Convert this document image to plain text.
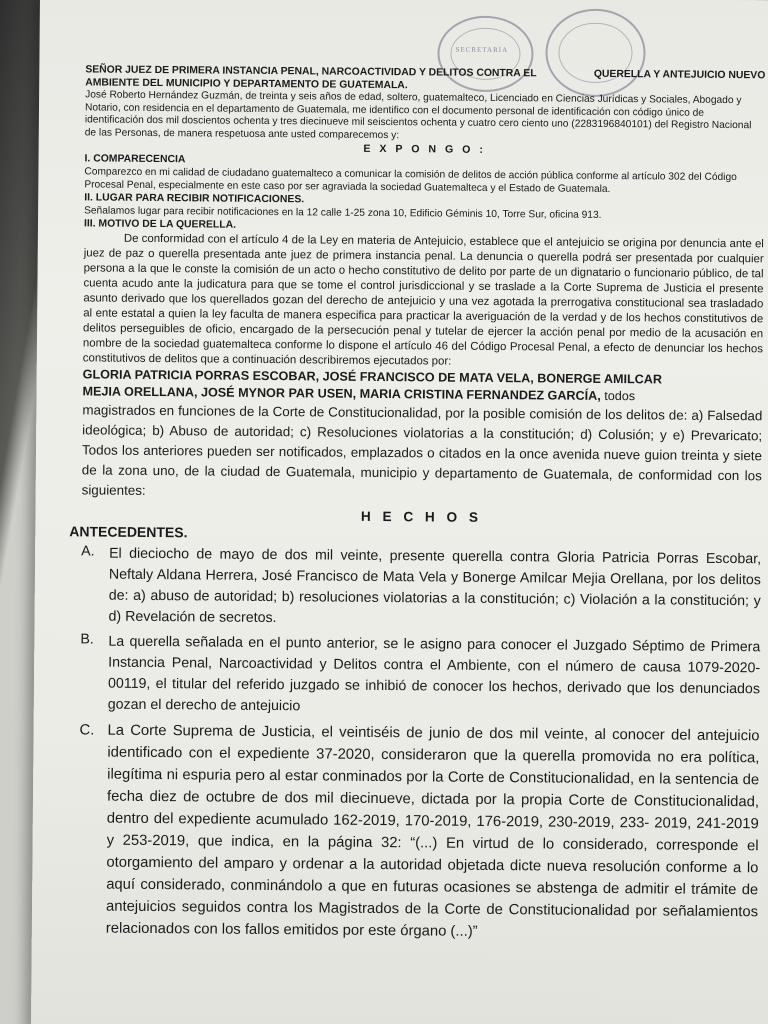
SECRETARIA

SEÑOR JUEZ DE PRIMERA INSTANCIA PENAL, NARCOACTIVIDAD Y DELITOS CONTRA EL	QUERELLA Y ANTEJUICIO NUEVO

AMBIENTE DEL MUNICIPIO Y DEPARTAMENTO DE GUATEMALA.

José Roberto Hernández Guzmán, de treinta y seis años de edad, soltero, guatemalteco, Licenciado en Ciencias Jurídicas y Sociales, Abogado y Notario, con residencia en el departamento de Guatemala, me identifico con el documento personal de identificación con código único de identificación dos mil doscientos ochenta y tres diecinueve mil seiscientos ochenta y cuatro cero ciento uno (2283196840101) del Registro Nacional de las Personas, de manera respetuosa ante usted comparecemos y:

E X P O N G O :

I. COMPARECENCIA

Comparezco en mi calidad de ciudadano guatemalteco a comunicar la comisión de delitos de acción pública conforme al artículo 302 del Código Procesal Penal, especialmente en este caso por ser agraviada la sociedad Guatemalteca y el Estado de Guatemala.

II. LUGAR PARA RECIBIR NOTIFICACIONES.

Señalamos lugar para recibir notificaciones en la 12 calle 1-25 zona 10, Edificio Géminis 10, Torre Sur, oficina 913.

III. MOTIVO DE LA QUERELLA.

De conformidad con el artículo 4 de la Ley en materia de Antejuicio, establece que el antejuicio se origina por denuncia ante el juez de paz o querella presentada ante juez de primera instancia penal. La denuncia o querella podrá ser presentada por cualquier persona a la que le conste la comisión de un acto o hecho constitutivo de delito por parte de un dignatario o funcionario público, de tal cuenta acudo ante la judicatura para que se tome el control jurisdiccional y se traslade a la Corte Suprema de Justicia el presente asunto derivado que los querellados gozan del derecho de antejuicio y una vez agotada la prerrogativa constitucional sea trasladado al ente estatal a quien la ley faculta de manera especifica para practicar la averiguación de la verdad y de los hechos constitutivos de delitos perseguibles de oficio, encargado de la persecución penal y tutelar de ejercer la acción penal por medio de la acusación en nombre de la sociedad guatemalteca conforme lo dispone el artículo 46 del Código Procesal Penal, a efecto de denunciar los hechos constitutivos de delitos que a continuación describiremos ejecutados por:

GLORIA PATRICIA PORRAS ESCOBAR, JOSÉ FRANCISCO DE MATA VELA, BONERGE AMILCAR

MEJIA ORELLANA, JOSÉ MYNOR PAR USEN, MARIA CRISTINA FERNANDEZ GARCÍA, todos

magistrados en funciones de la Corte de Constitucionalidad, por la posible comisión de los delitos de: a) Falsedad ideológica; b) Abuso de autoridad; c) Resoluciones violatorias a la constitución; d) Colusión; y e) Prevaricato; Todos los anteriores pueden ser notificados, emplazados o citados en la once avenida nueve guion treinta y siete de la zona uno, de la ciudad de Guatemala, municipio y departamento de Guatemala, de conformidad con los siguientes:

H E C H O S

ANTECEDENTES.

A.	El dieciocho de mayo de dos mil veinte, presente querella contra Gloria Patricia Porras Escobar, Neftaly Aldana Herrera, José Francisco de Mata Vela y Bonerge Amilcar Mejia Orellana, por los delitos de: a) abuso de autoridad; b) resoluciones violatorias a la constitución; c) Violación a la constitución; y d) Revelación de secretos.
B.	La querella señalada en el punto anterior, se le asigno para conocer el Juzgado Séptimo de Primera Instancia Penal, Narcoactividad y Delitos contra el Ambiente, con el número de causa 1079-2020-00119, el titular del referido juzgado se inhibió de conocer los hechos, derivado que los denunciados gozan el derecho de antejuicio
C. La Corte Suprema de Justicia, el veintiséis de junio de dos mil veinte, al conocer del antejuicio identificado con el expediente 37-2020, consideraron que la querella promovida no era política, ilegítima ni espuria pero al estar conminados por la Corte de Constitucionalidad, en la sentencia de fecha diez de octubre de dos mil diecinueve, dictada por la propia Corte de Constitucionalidad, dentro del expediente acumulado 162-2019, 170-2019, 176-2019, 230-2019, 233- 2019, 241-2019 y 253-2019, que indica, en la página 32: “(...) En virtud de lo considerado, corresponde el otorgamiento del amparo y ordenar a la autoridad objetada dicte nueva resolución conforme a lo aquí considerado, conminándolo a que en futuras ocasiones se abstenga de admitir el trámite de antejuicios seguidos contra los Magistrados de la Corte de Constitucionalidad por señalamientos relacionados con los fallos emitidos por este órgano (...)”
